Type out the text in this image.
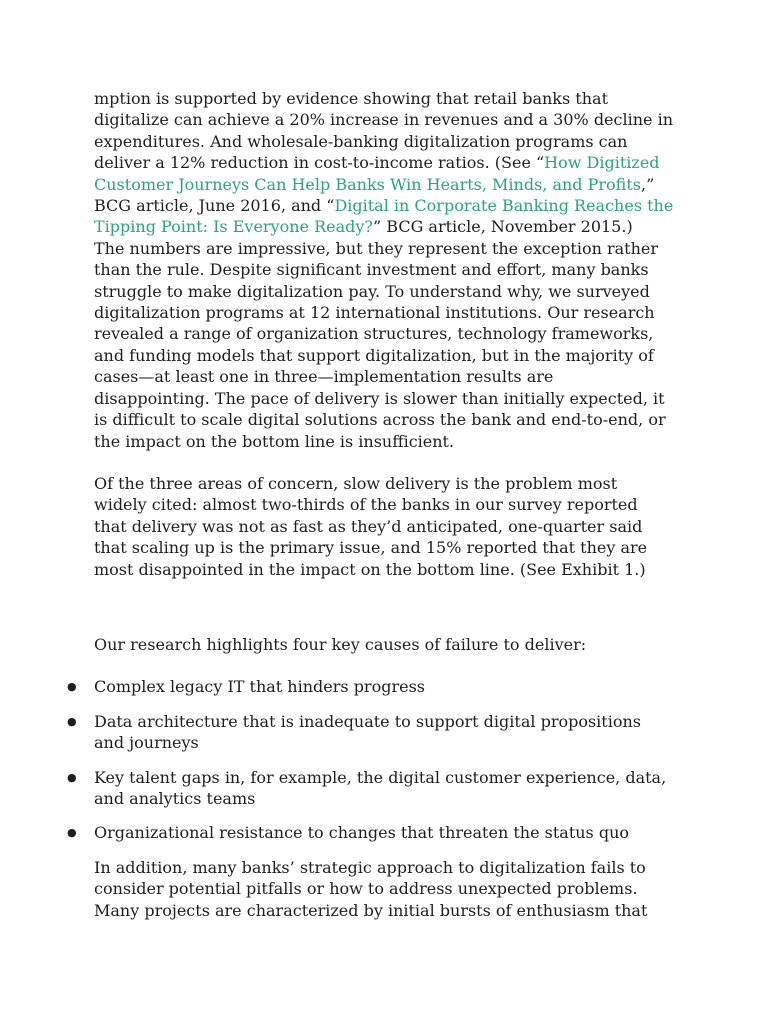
mption is supported by evidence showing that retail banks that digitalize can achieve a 20% increase in revenues and a 30% decline in expenditures. And wholesale-banking digitalization programs can deliver a 12% reduction in cost-to-income ratios. (See “How Digitized Customer Journeys Can Help Banks Win Hearts, Minds, and Profits,” BCG article, June 2016, and “Digital in Corporate Banking Reaches the Tipping Point: Is Everyone Ready?” BCG article, November 2015.)

The numbers are impressive, but they represent the exception rather than the rule. Despite significant investment and effort, many banks struggle to make digitalization pay. To understand why, we surveyed digitalization programs at 12 international institutions. Our research revealed a range of organization structures, technology frameworks, and funding models that support digitalization, but in the majority of cases—at least one in three—implementation results are disappointing. The pace of delivery is slower than initially expected, it is difficult to scale digital solutions across the bank and end-to-end, or the impact on the bottom line is insufficient.

Of the three areas of concern, slow delivery is the problem most widely cited: almost two-thirds of the banks in our survey reported that delivery was not as fast as they’d anticipated, one-quarter said that scaling up is the primary issue, and 15% reported that they are most disappointed in the impact on the bottom line. (See Exhibit 1.)

Our research highlights four key causes of failure to deliver:

● Complex legacy IT that hinders progress
● Data architecture that is inadequate to support digital propositions and journeys
● Key talent gaps in, for example, the digital customer experience, data, and analytics teams
● Organizational resistance to changes that threaten the status quo

In addition, many banks’ strategic approach to digitalization fails to consider potential pitfalls or how to address unexpected problems. Many projects are characterized by initial bursts of enthusiasm that
